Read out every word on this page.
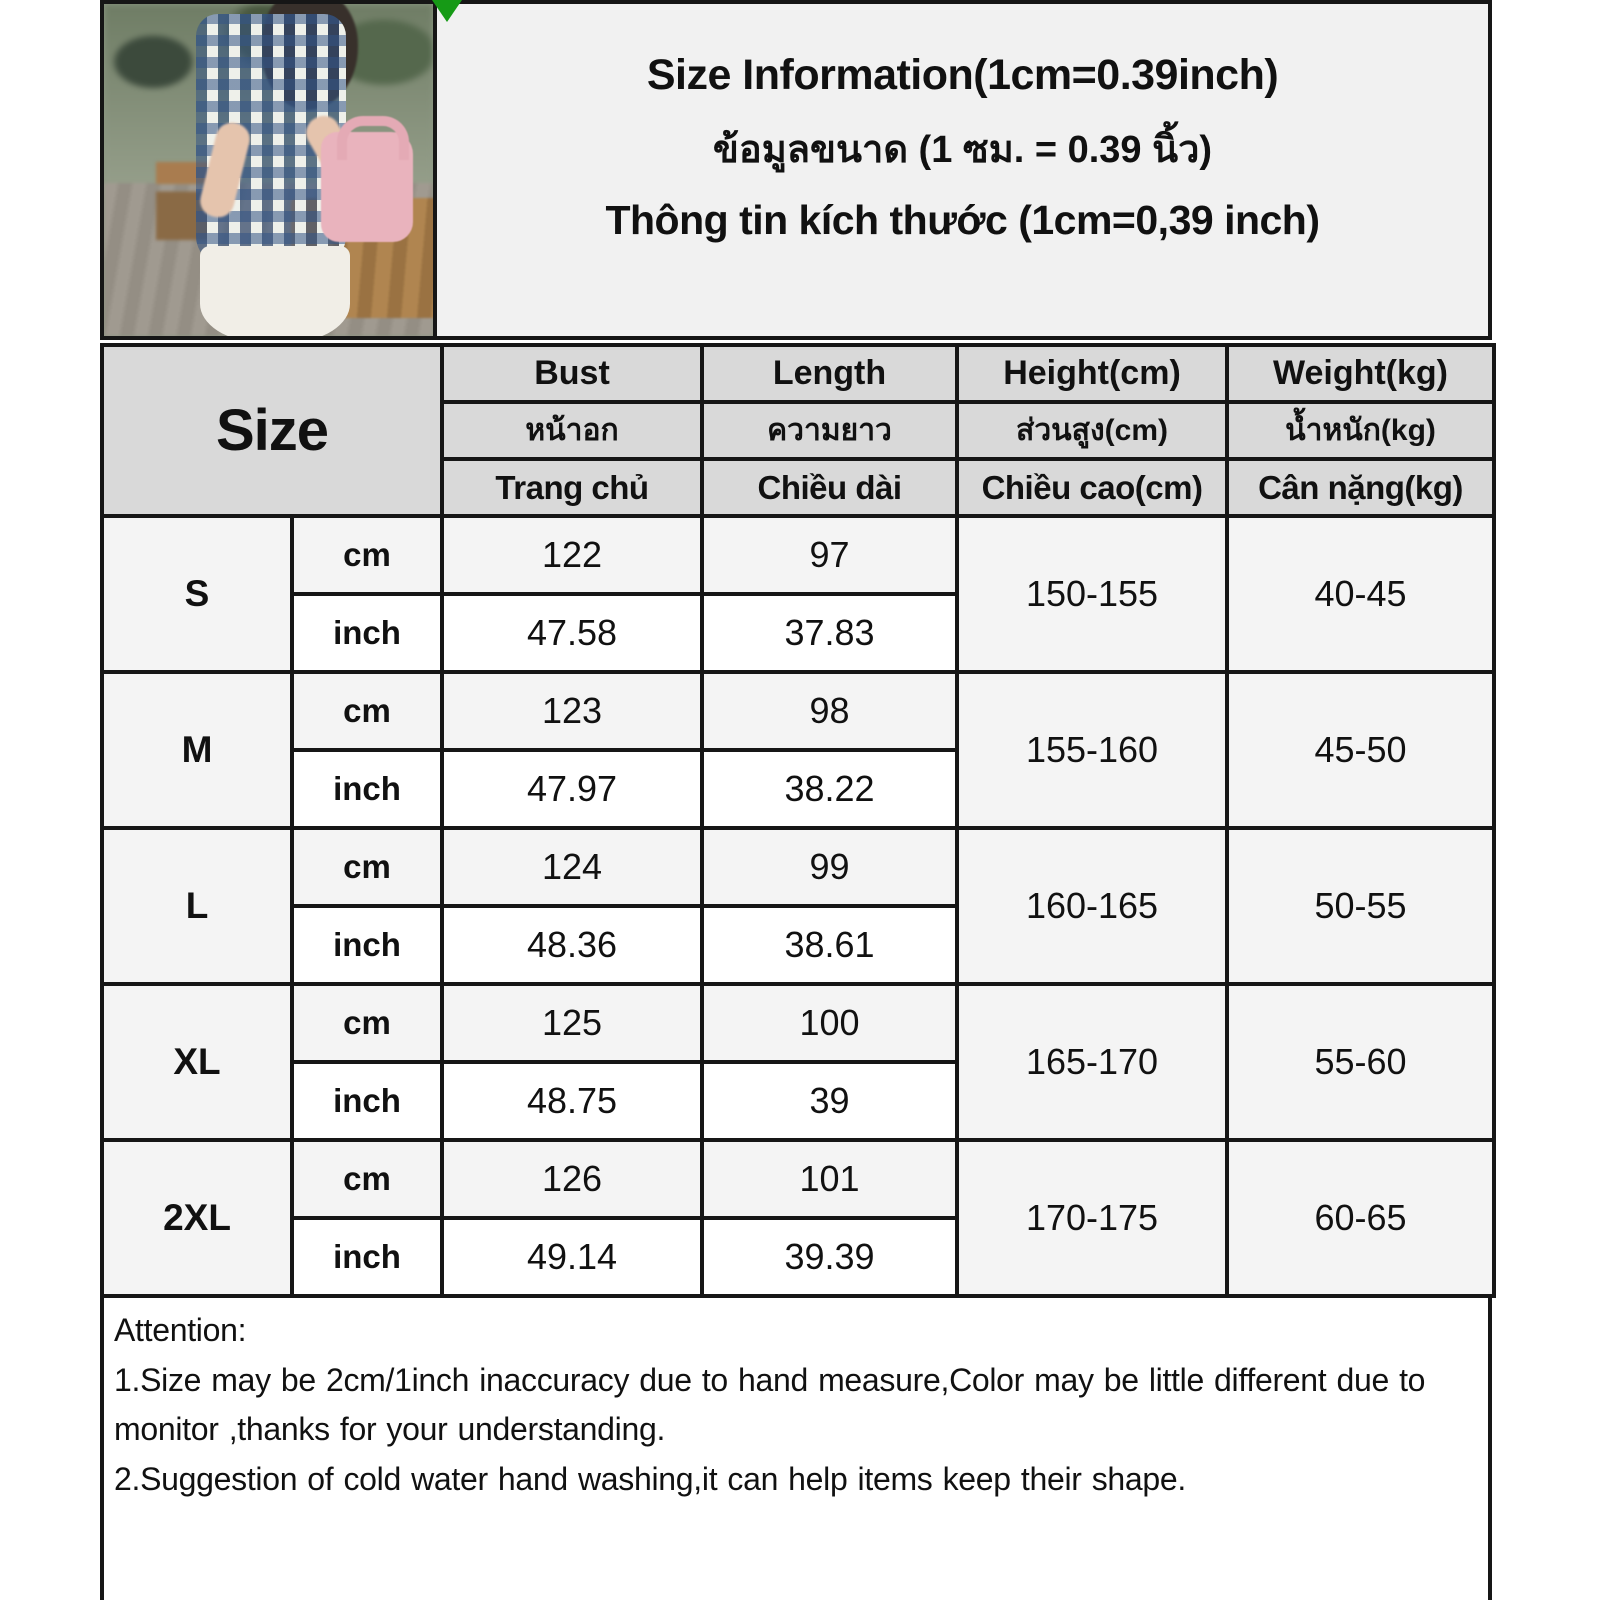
Size Information(1cm=0.39inch)
ข้อมูลขนาด (1 ซม. = 0.39 นิ้ว)
Thông tin kích thước (1cm=0,39 inch)
Size		Bust	Length	Height(cm)	Weight(kg)
		หน้าอก	ความยาว	ส่วนสูง(cm)	น้ำหนัก(kg)
		Trang chủ	Chiều dài	Chiều cao(cm)	Cân nặng(kg)
S	cm	122	97	150-155	40-45
	inch	47.58	37.83		
M	cm	123	98	155-160	45-50
	inch	47.97	38.22		
L	cm	124	99	160-165	50-55
	inch	48.36	38.61		
XL	cm	125	100	165-170	55-60
	inch	48.75	39		
2XL	cm	126	101	170-175	60-65
	inch	49.14	39.39		
Attention:
1.Size may be 2cm/1inch inaccuracy due to hand measure,Color may be little different due to monitor ,thanks for your understanding.
2.Suggestion of cold water hand washing,it can help items keep their shape.
